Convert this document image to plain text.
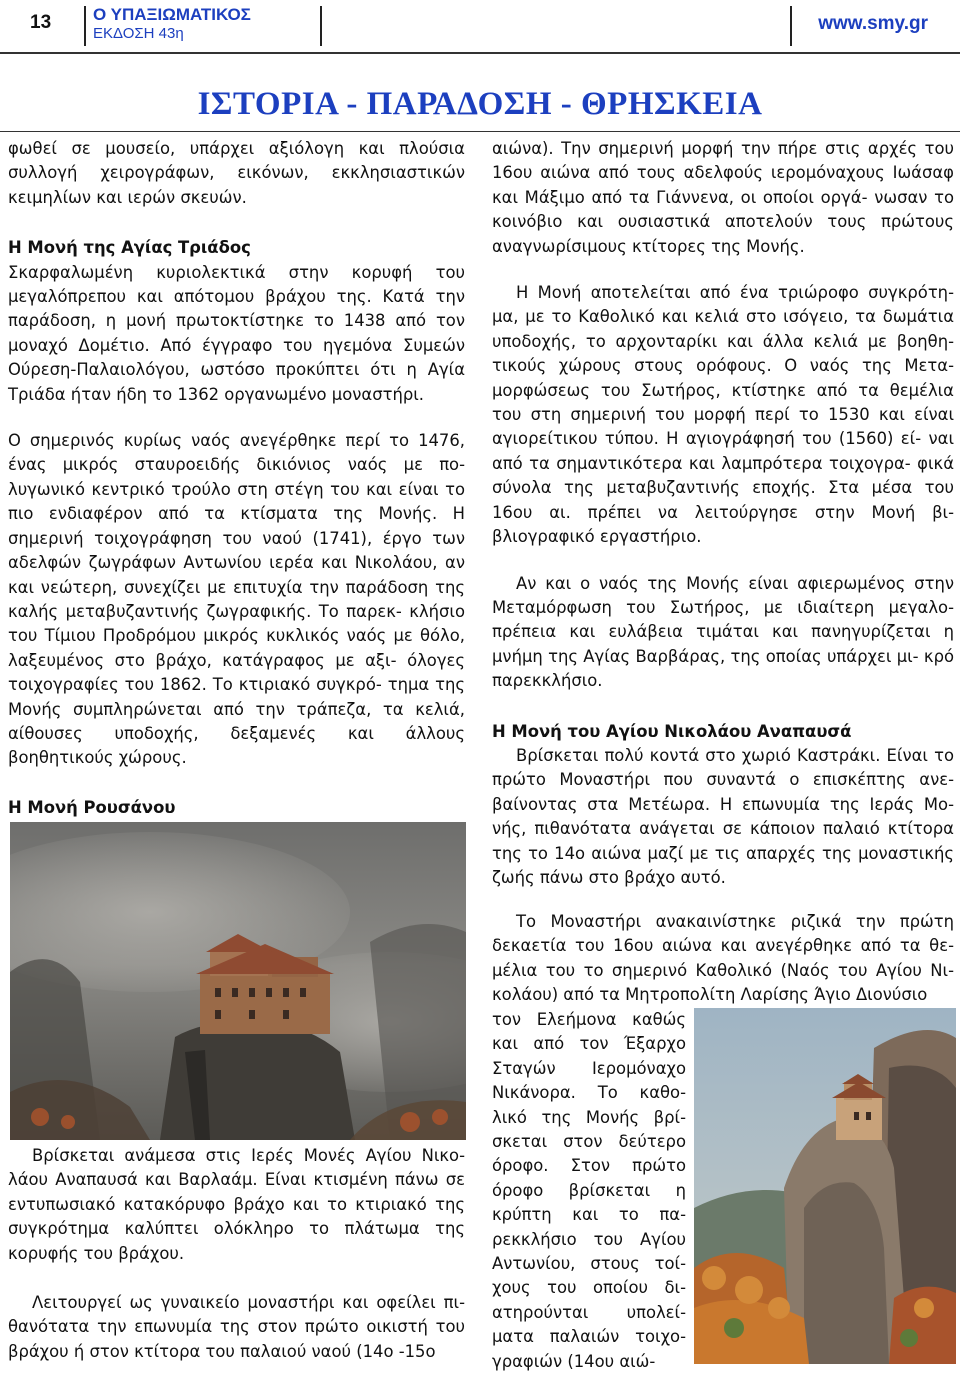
13 Ο ΥΠΑΞΙΩΜΑΤΙΚΟΣ
ΕΚΔΟΣΗ 43η	www.smy.gr
ΙΣΤΟΡΙΑ - ΠΑΡΑΔΟΣΗ - ΘΡΗΣΚΕΙΑ

φωθεί σε μουσείο, υπάρχει αξιόλογη και πλούσια συλλογή χειρογράφων, εικόνων, εκκλησιαστικών κειμηλίων και ιερών σκευών.

Η Μονή της Αγίας Τριάδος

Σκαρφαλωμένη κυριολεκτικά στην κορυφή του μεγαλόπρεπου και απότομου βράχου της. Κατά την παράδοση, η μονή πρωτοκτίστηκε το 1438 από τον μοναχό Δομέτιο. Από έγγραφο του ηγεμόνα Συμεών Ούρεση-Παλαιολόγου, ωστόσο προκύπτει ότι η Αγία Τριάδα ήταν ήδη το 1362 οργανωμένο μοναστήρι.

Ο σημερινός κυρίως ναός ανεγέρθηκε περί το 1476, ένας μικρός σταυροειδής δικιόνιος ναός με πο- λυγωνικό κεντρικό τρούλο στη στέγη του και είναι το πιο ενδιαφέρον από τα κτίσματα της Μονής. Η σημερινή τοιχογράφηση του ναού (1741), έργο των αδελφών ζωγράφων Αντωνίου ιερέα και Νικολάου, αν και νεώτερη, συνεχίζει με επιτυχία την παράδοση της καλής μεταβυζαντινής ζωγραφικής. Το παρεκ- κλήσιο του Τίμιου Προδρόμου μικρός κυκλικός ναός με θόλο, λαξευμένος στο βράχο, κατάγραφος με αξι- όλογες τοιχογραφίες του 1862. Το κτιριακό συγκρό- τημα της Μονής συμπληρώνεται από την τράπεζα, τα κελιά, αίθουσες υποδοχής, δεξαμενές και άλλους βοηθητικούς χώρους.

Η Μονή Ρουσάνου

Βρίσκεται ανάμεσα στις Ιερές Μονές Αγίου Νικο- λάου Αναπαυσά και Βαρλαάμ. Είναι κτισμένη πάνω σε εντυπωσιακό κατακόρυφο βράχο και το κτιριακό της συγκρότημα καλύπτει ολόκληρο το πλάτωμα της κορυφής του βράχου.

Λειτουργεί ως γυναικείο μοναστήρι και οφείλει πι- θανότατα την επωνυμία της στον πρώτο οικιστή του βράχου ή στον κτίτορα του παλαιού ναού (14ο -15ο

αιώνα). Την σημερινή μορφή την πήρε στις αρχές του 16ου αιώνα από τους αδελφούς ιερομόναχους Ιωάσαφ και Μάξιμο από τα Γιάννενα, οι οποίοι οργά- νωσαν το κοινόβιο και ουσιαστικά αποτελούν τους πρώτους αναγνωρίσιμους κτίτορες της Μονής.

Η Μονή αποτελείται από ένα τριώροφο συγκρότη- μα, με το Καθολικό και κελιά στο ισόγειο, τα δωμάτια υποδοχής, το αρχονταρίκι και άλλα κελιά με βοηθη- τικούς χώρους στους ορόφους. Ο ναός της Μετα- μορφώσεως του Σωτήρος, κτίστηκε από τα θεμέλια του στη σημερινή του μορφή περί το 1530 και είναι αγιορείτικου τύπου. Η αγιογράφησή του (1560) εί- ναι από τα σημαντικότερα και λαμπρότερα τοιχογρα- φικά σύνολα της μεταβυζαντινής εποχής. Στα μέσα του 16ου αι. πρέπει να λειτούργησε στην Μονή βι- βλιογραφικό εργαστήριο.

Αν και ο ναός της Μονής είναι αφιερωμένος στην Μεταμόρφωση του Σωτήρος, με ιδιαίτερη μεγαλο- πρέπεια και ευλάβεια τιμάται και πανηγυρίζεται η μνήμη της Αγίας Βαρβάρας, της οποίας υπάρχει μι- κρό παρεκκλήσιο.

Η Μονή του Αγίου Νικολάου Αναπαυσά

Βρίσκεται πολύ κοντά στο χωριό Καστράκι. Είναι το πρώτο Μοναστήρι που συναντά ο επισκέπτης ανε- βαίνοντας στα Μετέωρα. Η επωνυμία της Ιεράς Μο- νής, πιθανότατα ανάγεται σε κάποιον παλαιό κτίτορα της το 14ο αιώνα μαζί με τις απαρχές της μοναστικής ζωής πάνω στο βράχο αυτό.

Το Μοναστήρι ανακαινίστηκε ριζικά την πρώτη δεκαετία του 16ου αιώνα και ανεγέρθηκε από τα θε- μέλια του το σημερινό Καθολικό (Ναός του Αγίου Νι- κολάου) από τα Μητροπολίτη Λαρίσης Άγιο Διονύσιο

τον Ελεήμονα καθώς και από τον Έξαρχο Σταγών Ιερομόναχο Νικάνορα. Το καθο- λικό της Μονής βρί- σκεται στον δεύτερο όροφο. Στον πρώτο όροφο βρίσκεται η κρύπτη και το πα- ρεκκλήσιο του Αγίου Αντωνίου, στους τοί- χους του οποίου δι- ατηρούνται υπολεί- ματα παλαιών τοιχο- γραφιών (14ου αιώ-
